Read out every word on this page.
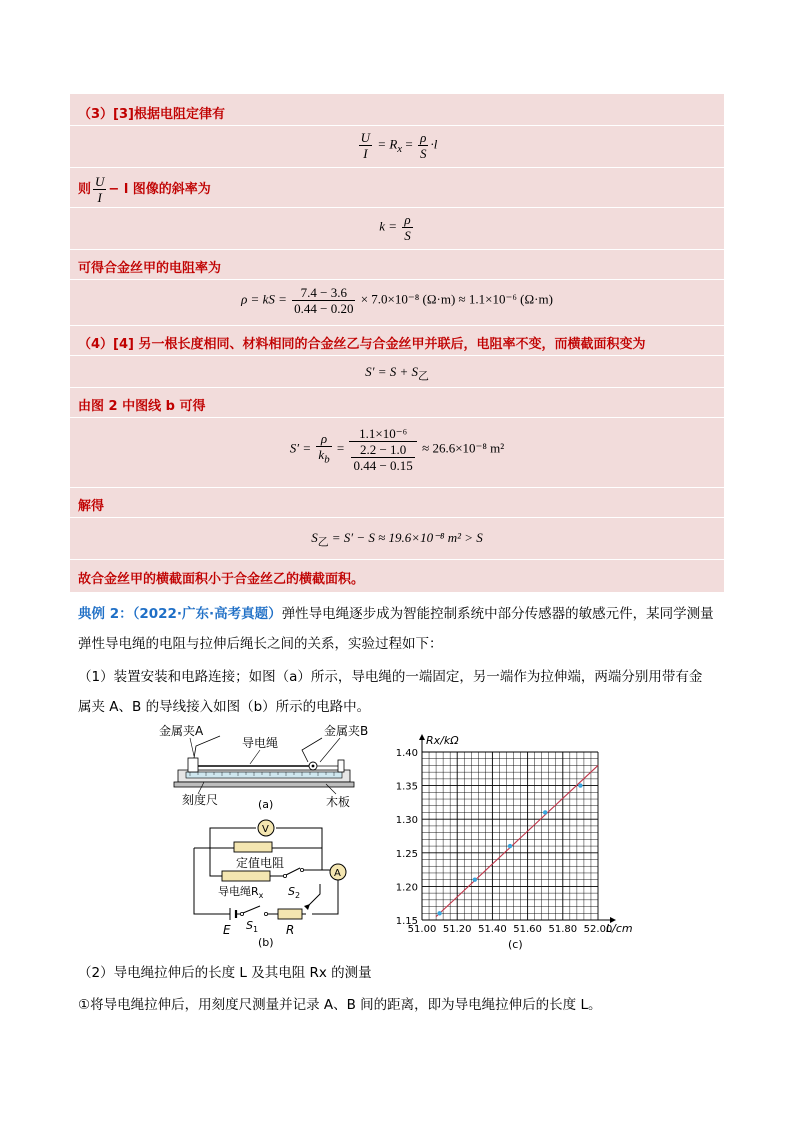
（3）[3]根据电阻定律有
$\frac{U}{I} = R_x = \frac{\rho}{S} \cdot l$
则 $\frac{U}{I} - l$ 图像的斜率为
$k = \frac{\rho}{S}$
可得合金丝甲的电阻率为
ρ = kS = $\frac{7.4 - 3.6}{0.44 - 0.20} \times 7.0\times 10^{-8}$ (Ω·m) ≈ 1.1×10⁻⁶ (Ω·m)
（4）[4] 另一根长度相同、材料相同的合金丝乙与合金丝甲并联后，电阻率不变，而横截面积变为
$S' = S + S_乙$
由图 2 中图线 b 可得
$S' = \frac{\rho}{k_b} = \frac{\text{1.1×10⁻⁶}}{\frac{2.2 - 1.0}{0.44 - 0.15}} \approx 26.6\times 10^{-8}$ m²
解得
$S_乙 = S' - S \approx 19.6\times 10^{-8}$ m² > S
故合金丝甲的横截面积小于合金丝乙的横截面积。
典例 2：（2022·广东·高考真题）弹性导电绳逐步成为智能控制系统中部分传感器的敏感元件，某同学测量
弹性导电绳的电阻与拉伸后绳长之间的关系，实验过程如下：
（1）装置安装和电路连接；如图（a）所示，导电绳的一端固定，另一端作为拉伸端，两端分别用带有金
属夹 A、B 的导线接入如图（b）所示的电路中。
（2）导电绳拉伸后的长度 L 及其电阻 Rx 的测量
①将导电绳拉伸后，用刻度尺测量并记录 A、B 间的距离，即为导电绳拉伸后的长度 L。
金属夹A
导电绳
金属夹B
刻度尺	木板
(a)
V
A
定值电阻
导电绳$R_x$ $S_2$
$S_1$
E	R
(b)
51.00 51.20 51.40 51.60 51.80 52.00
1.15
1.20
1.25
1.30
1.35
1.40
Rx/kΩ
L/cm
(c)
